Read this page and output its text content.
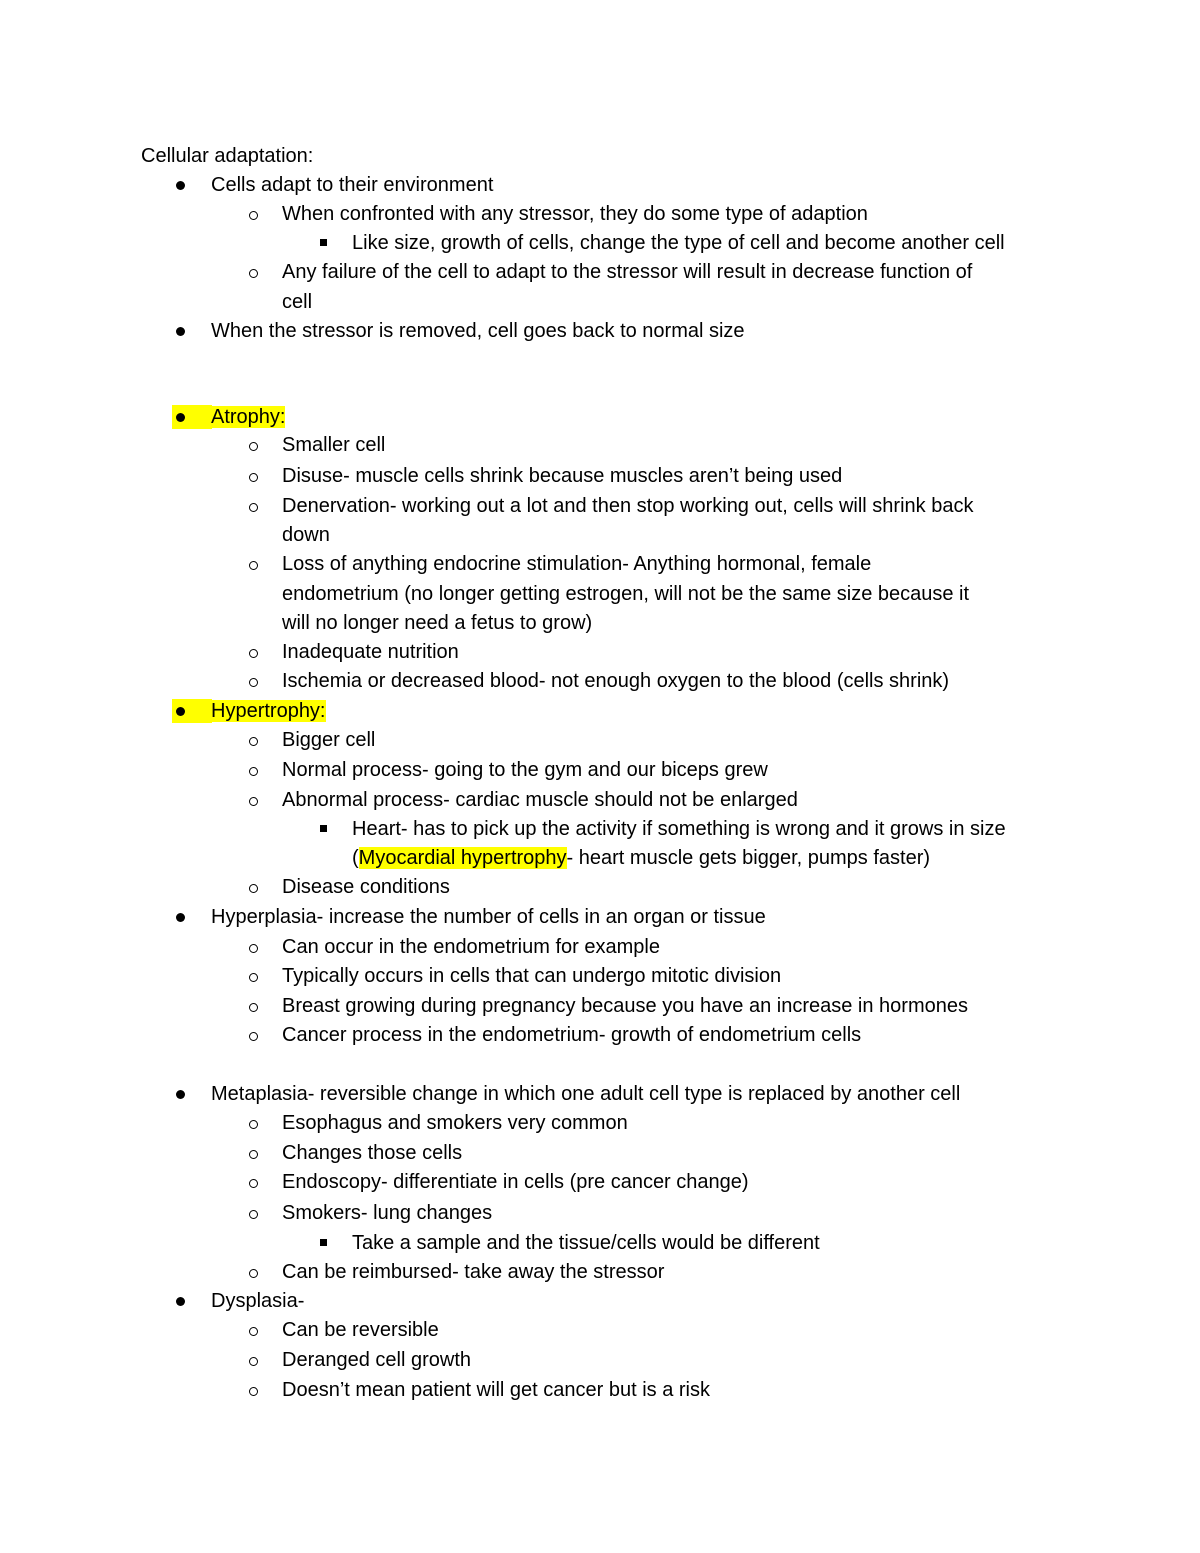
Cellular adaptation:
Cells adapt to their environment
When confronted with any stressor, they do some type of adaption
Like size, growth of cells, change the type of cell and become another cell
Any failure of the cell to adapt to the stressor will result in decrease function of
cell
When the stressor is removed, cell goes back to normal size
Atrophy:
Smaller cell
Disuse- muscle cells shrink because muscles aren’t being used
Denervation- working out a lot and then stop working out, cells will shrink back
down
Loss of anything endocrine stimulation- Anything hormonal, female
endometrium (no longer getting estrogen, will not be the same size because it
will no longer need a fetus to grow)
Inadequate nutrition
Ischemia or decreased blood- not enough oxygen to the blood (cells shrink)
Hypertrophy:
Bigger cell
Normal process- going to the gym and our biceps grew
Abnormal process- cardiac muscle should not be enlarged
Heart- has to pick up the activity if something is wrong and it grows in size
(Myocardial hypertrophy- heart muscle gets bigger, pumps faster)
Disease conditions
Hyperplasia- increase the number of cells in an organ or tissue
Can occur in the endometrium for example
Typically occurs in cells that can undergo mitotic division
Breast growing during pregnancy because you have an increase in hormones
Cancer process in the endometrium- growth of endometrium cells
Metaplasia- reversible change in which one adult cell type is replaced by another cell
Esophagus and smokers very common
Changes those cells
Endoscopy- differentiate in cells (pre cancer change)
Smokers- lung changes
Take a sample and the tissue/cells would be different
Can be reimbursed- take away the stressor
Dysplasia-
Can be reversible
Deranged cell growth
Doesn’t mean patient will get cancer but is a risk
